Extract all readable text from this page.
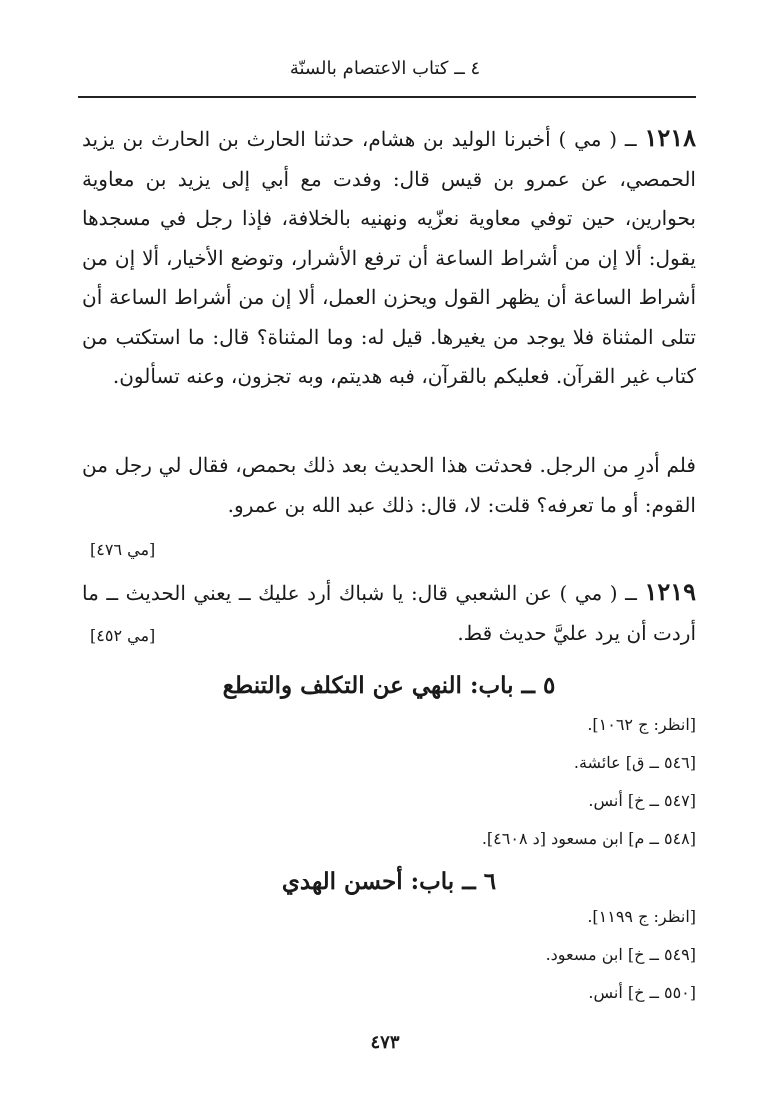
٤ ــ كتاب الاعتصام بالسنّة

١٢١٨ ــ ( مي ) أخبرنا الوليد بن هشام، حدثنا الحارث بن الحارث بن يزيد الحمصي، عن عمرو بن قيس قال: وفدت مع أبي إلى يزيد بن معاوية بحوارين، حين توفي معاوية نعزّيه ونهنيه بالخلافة، فإذا رجل في مسجدها يقول: ألا إن من أشراط الساعة أن ترفع الأشرار، وتوضع الأخيار، ألا إن من أشراط الساعة أن يظهر القول ويحزن العمل، ألا إن من أشراط الساعة أن تتلى المثناة فلا يوجد من يغيرها. قيل له: وما المثناة؟ قال: ما استكتب من كتاب غير القرآن. فعليكم بالقرآن، فبه هديتم، وبه تجزون، وعنه تسألون.

فلم أدرِ من الرجل. فحدثت هذا الحديث بعد ذلك بحمص، فقال لي رجل من القوم: أو ما تعرفه؟ قلت: لا، قال: ذلك عبد الله بن عمرو.

[مي ٤٧٦]

١٢١٩ ــ ( مي ) عن الشعبي قال: يا شباك أرد عليك ــ يعني الحديث ــ ما أردت أن يرد عليَّ حديث قط.

[مي ٤٥٢]
٥ ــ باب: النهي عن التكلف والتنطع

[انظر: ج ١٠٦٢].

[٥٤٦ ــ ق] عائشة.

[٥٤٧ ــ خ] أنس.

[٥٤٨ ــ م] ابن مسعود [د ٤٦٠٨].

٦ ــ باب: أحسن الهدي

[انظر: ج ١١٩٩].

[٥٤٩ ــ خ] ابن مسعود.

[٥٥٠ ــ خ] أنس.

٤٧٣
